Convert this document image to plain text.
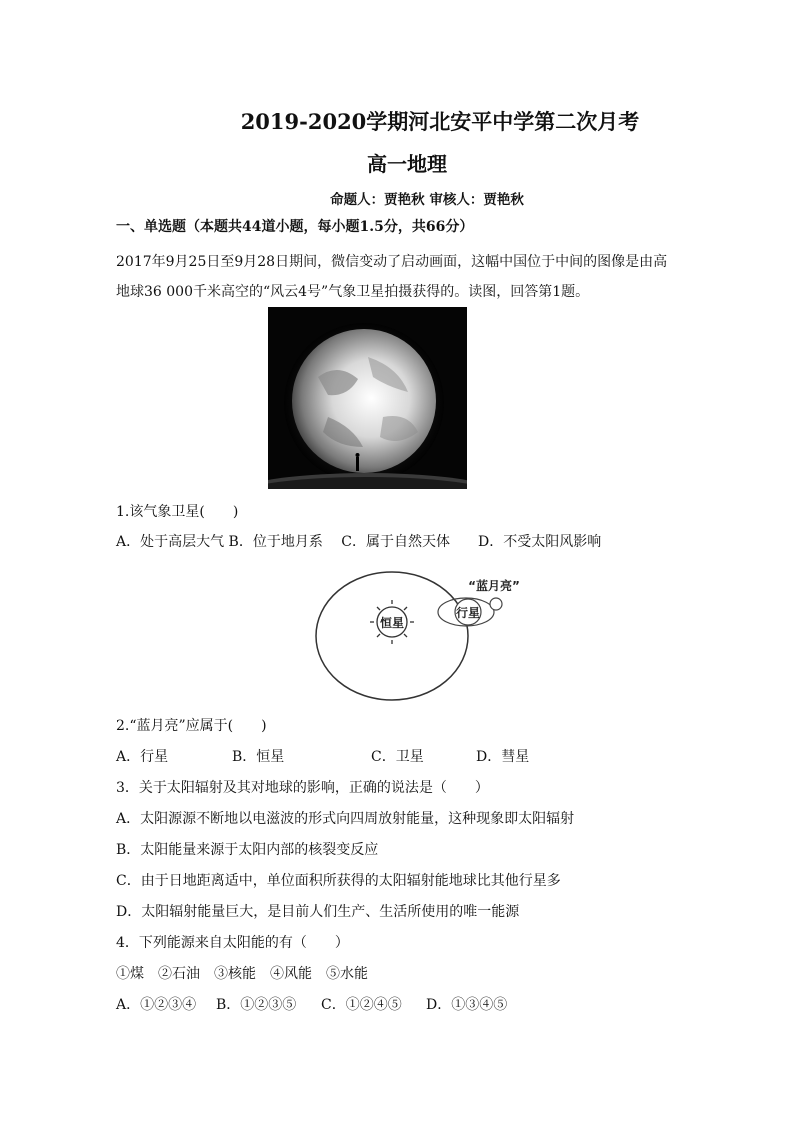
2019-2020学期河北安平中学第二次月考
高一地理
命题人：贾艳秋 审核人：贾艳秋
一、单选题（本题共44道小题，每小题1.5分，共66分）
2017年9月25日至9月28日期间，微信变动了启动画面，这幅中国位于中间的图像是由高
地球36 000千米高空的“风云4号”气象卫星拍摄获得的。读图，回答第1题。
1.该气象卫星(　　)
A．处于高层大气 B．位于地月系　 C．属于自然天体　　D．不受太阳风影响
恒星
行星
“蓝月亮”
2.“蓝月亮”应属于(　　)
A．行星	B．恒星	C．卫星	D．彗星
3．关于太阳辐射及其对地球的影响，正确的说法是（　　）
A．太阳源源不断地以电滋波的形式向四周放射能量，这种现象即太阳辐射
B．太阳能量来源于太阳内部的核裂变反应
C．由于日地距离适中，单位面积所获得的太阳辐射能地球比其他行星多
D．太阳辐射能量巨大，是目前人们生产、生活所使用的唯一能源
4．下列能源来自太阳能的有（　　）
①煤　②石油　③核能　④风能　⑤水能
A．①②③④ B．①②③⑤ C．①②④⑤ D．①③④⑤
